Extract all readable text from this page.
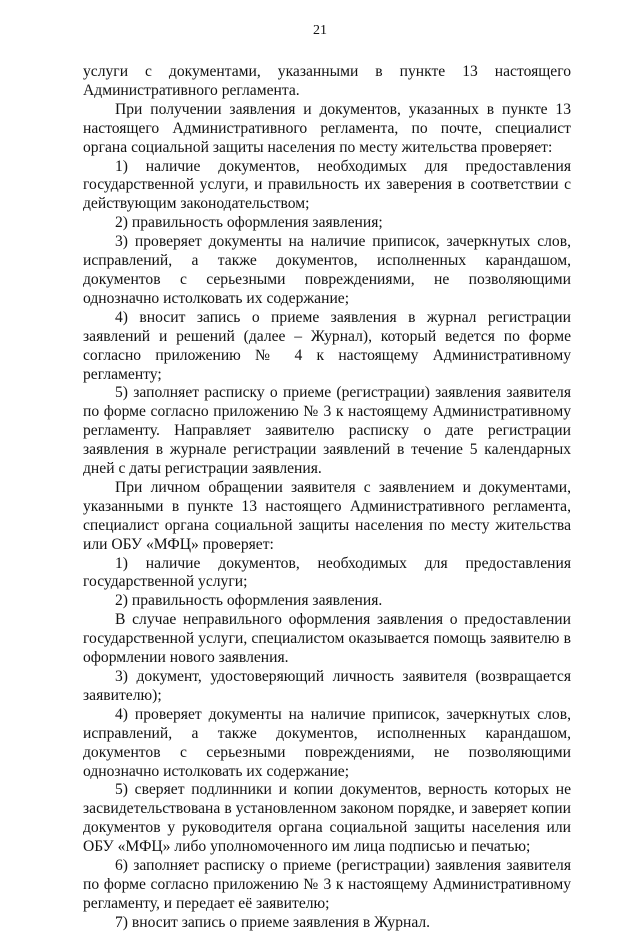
21

услуги с документами, указанными в пункте 13 настоящего Административного регламента.

При получении заявления и документов, указанных в пункте 13 настоящего Административного регламента, по почте, специалист органа социальной защиты населения по месту жительства проверяет:

1) наличие документов, необходимых для предоставления государственной услуги, и правильность их заверения в соответствии с действующим законодательством;

2) правильность оформления заявления;

3) проверяет документы на наличие приписок, зачеркнутых слов, исправлений, а также документов, исполненных карандашом, документов с серьезными повреждениями, не позволяющими однозначно истолковать их содержание;

4) вносит запись о приеме заявления в журнал регистрации заявлений и решений (далее – Журнал), который ведется по форме согласно приложению № 4 к настоящему Административному регламенту;

5) заполняет расписку о приеме (регистрации) заявления заявителя по форме согласно приложению № 3 к настоящему Административному регламенту. Направляет заявителю расписку о дате регистрации заявления в журнале регистрации заявлений в течение 5 календарных дней с даты регистрации заявления.

При личном обращении заявителя с заявлением и документами, указанными в пункте 13 настоящего Административного регламента, специалист органа социальной защиты населения по месту жительства или ОБУ «МФЦ» проверяет:

1) наличие документов, необходимых для предоставления государственной услуги;

2) правильность оформления заявления.

В случае неправильного оформления заявления о предоставлении государственной услуги, специалистом оказывается помощь заявителю в оформлении нового заявления.

3) документ, удостоверяющий личность заявителя (возвращается заявителю);

4) проверяет документы на наличие приписок, зачеркнутых слов, исправлений, а также документов, исполненных карандашом, документов с серьезными повреждениями, не позволяющими однозначно истолковать их содержание;

5) сверяет подлинники и копии документов, верность которых не засвидетельствована в установленном законом порядке, и заверяет копии документов у руководителя органа социальной защиты населения или ОБУ «МФЦ» либо уполномоченного им лица подписью и печатью;

6) заполняет расписку о приеме (регистрации) заявления заявителя по форме согласно приложению № 3 к настоящему Административному регламенту, и передает её заявителю;

7) вносит запись о приеме заявления в Журнал.
